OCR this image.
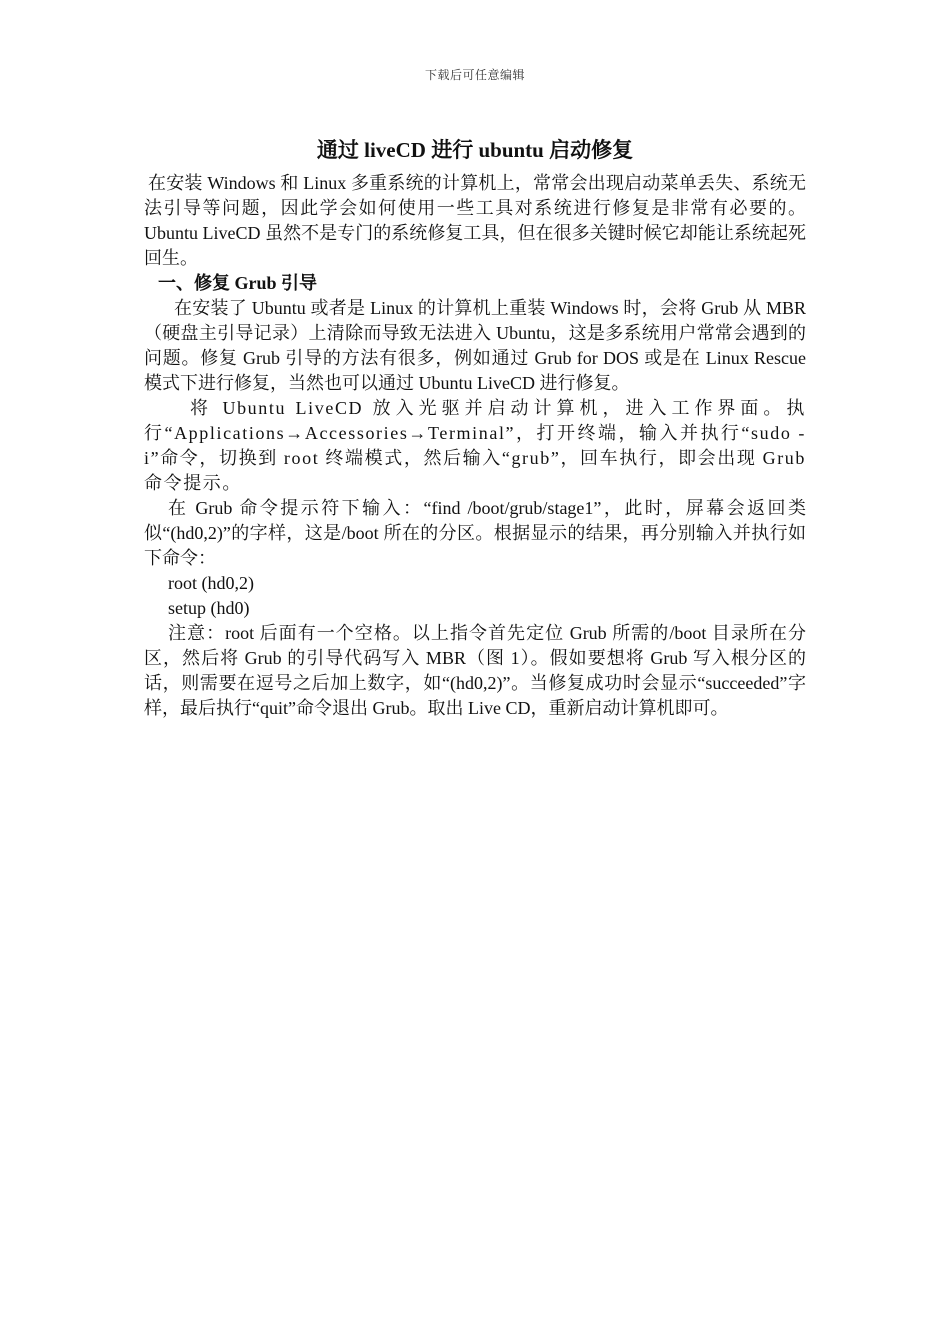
下载后可任意编辑
通过 liveCD 进行 ubuntu 启动修复

在安装 Windows 和 Linux 多重系统的计算机上，常常会出现启动菜单丢失、系统无法引导等问题，因此学会如何使用一些工具对系统进行修复是非常有必要的。Ubuntu LiveCD 虽然不是专门的系统修复工具，但在很多关键时候它却能让系统起死回生。

一、修复 Grub 引导

在安装了 Ubuntu 或者是 Linux 的计算机上重装 Windows 时，会将 Grub 从 MBR（硬盘主引导记录）上清除而导致无法进入 Ubuntu，这是多系统用户常常会遇到的问题。修复 Grub 引导的方法有很多，例如通过 Grub for DOS 或是在 Linux Rescue 模式下进行修复，当然也可以通过 Ubuntu LiveCD 进行修复。

将 Ubuntu LiveCD 放入光驱并启动计算机，进入工作界面。执行“Applications→Accessories→Terminal”，打开终端，输入并执行“sudo -i”命令，切换到 root 终端模式，然后输入“grub”，回车执行，即会出现 Grub 命令提示。

在 Grub 命令提示符下输入：“find /boot/grub/stage1”，此时，屏幕会返回类似“(hd0,2)”的字样，这是/boot 所在的分区。根据显示的结果，再分别输入并执行如下命令：

root (hd0,2)

setup (hd0)

注意：root 后面有一个空格。以上指令首先定位 Grub 所需的/boot 目录所在分区，然后将 Grub 的引导代码写入 MBR（图 1）。假如要想将 Grub 写入根分区的话，则需要在逗号之后加上数字，如“(hd0,2)”。当修复成功时会显示“succeeded”字样，最后执行“quit”命令退出 Grub。取出 Live CD，重新启动计算机即可。
